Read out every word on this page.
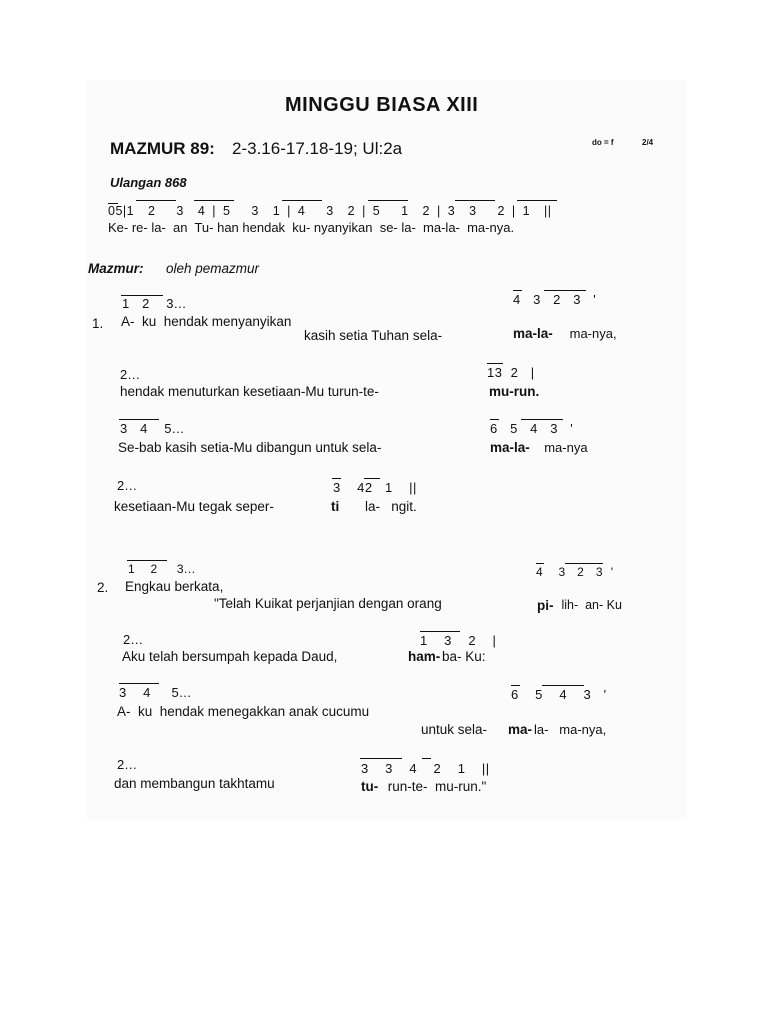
MINGGU BIASA XIII
MAZMUR 89: 2-3.16-17.18-19; Ul:2a	do = f	2/4
Ulangan 868
05|1  2   3  4 | 5   3  1 | 4   3  2 | 5   1  2 | 3  3   2 | 1  ||
Ke- re- la-  an  Tu- han hendak  ku- nyanyikan  se- la-  ma-la-  ma-nya.
Mazmur: oleh pemazmur
1   2    3...
1. A-  ku  hendak menyanyikan
kasih setia Tuhan sela-
4   3   2   3   '
ma-la- ma-nya,
2...
hendak menuturkan kesetiaan-Mu turun-te-
13  2   |
mu-run.
3   4    5...
Se-bab kasih setia-Mu dibangun untuk sela-
6   5   4   3   '
ma-la- ma-nya
2...
kesetiaan-Mu tegak seper-	ti
3    42   1    ||
la-   ngit.
1    2     3...
2. Engkau berkata,
"Telah Kuikat perjanjian dengan orang
4    3   2   3  '
pi- lih-  an- Ku
2...
Aku telah bersumpah kepada Daud,	ham- ba- Ku:
1    3    2    |
3    4     5...
A-  ku  hendak menegakkan anak cucumu
untuk sela- ma- la-   ma-nya,
6    5    4    3   '
2...
dan membangun takhtamu
3    3    4    2    1    ||
tu- run-te-  mu-run."
